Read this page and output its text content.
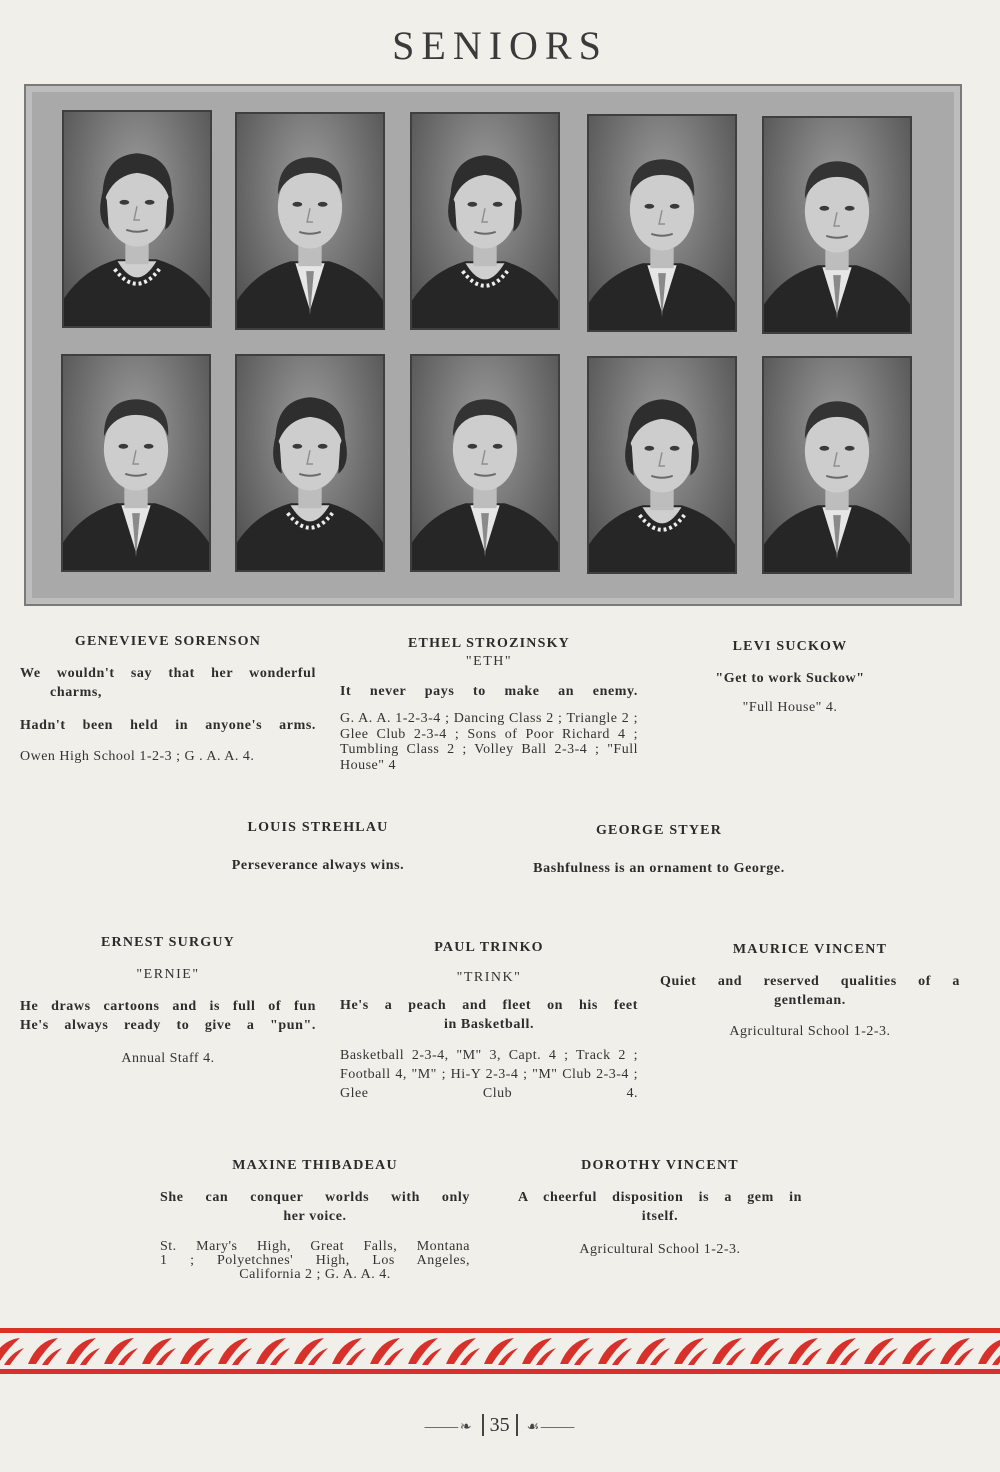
SENIORS
GENEVIEVE SORENSON
We wouldn't say that her wonderful
charms,
Hadn't been held in anyone's arms.
Owen High School 1-2-3 ; G . A. A. 4.
ETHEL STROZINSKY
"ETH"
It never pays to make an enemy.
G. A. A. 1-2-3-4 ; Dancing Class 2 ; Triangle 2 ; Glee Club 2-3-4 ; Sons of Poor Richard 4 ; Tumbling Class 2 ; Volley Ball 2-3-4 ; "Full House" 4
LEVI SUCKOW
"Get to work Suckow"
"Full House" 4.
LOUIS STREHLAU
Perseverance always wins.
GEORGE STYER
Bashfulness is an ornament to George.
ERNEST SURGUY
"ERNIE"
He draws cartoons and is full of fun
He's always ready to give a "pun".
Annual Staff 4.
PAUL TRINKO
"TRINK"
He's a peach and fleet on his feet
in Basketball.
Basketball 2-3-4, "M" 3, Capt. 4 ; Track 2 ; Football 4, "M" ; Hi-Y 2-3-4 ; "M" Club 2-3-4 ; Glee Club 4.
MAURICE VINCENT
Quiet and reserved qualities of a
gentleman.
Agricultural School 1-2-3.
MAXINE THIBADEAU
She can conquer worlds with only
her voice.
St. Mary's High, Great Falls, Montana
1 ; Polyetchnes' High, Los Angeles,
California 2 ; G. A. A. 4.
DOROTHY VINCENT
A cheerful disposition is a gem in
itself.
Agricultural School 1-2-3.
⸻❧ 35 ☙⸻
